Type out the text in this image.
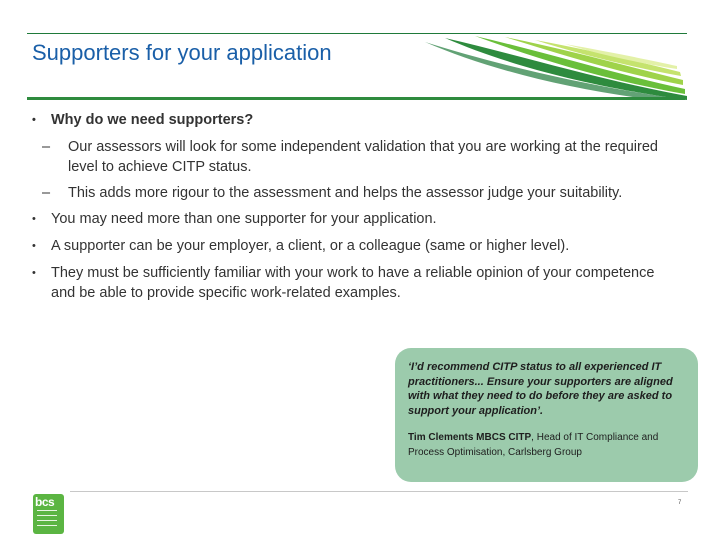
Supporters for your application
• Why do we need supporters?
– Our assessors will look for some independent validation that you are working at the required level to achieve CITP status.
– This adds more rigour to the assessment and helps the assessor judge your suitability.
• You may need more than one supporter for your application.
• A supporter can be your employer, a client, or a colleague (same or higher level).
• They must be sufficiently familiar with your work to have a reliable opinion of your competence and be able to provide specific work-related examples.
‘I’d recommend CITP status to all experienced IT practitioners... Ensure your supporters are aligned with what they need to do before they are asked to support your application’.
Tim Clements MBCS CITP, Head of IT Compliance and Process Optimisation, Carlsberg Group
bcs	7
